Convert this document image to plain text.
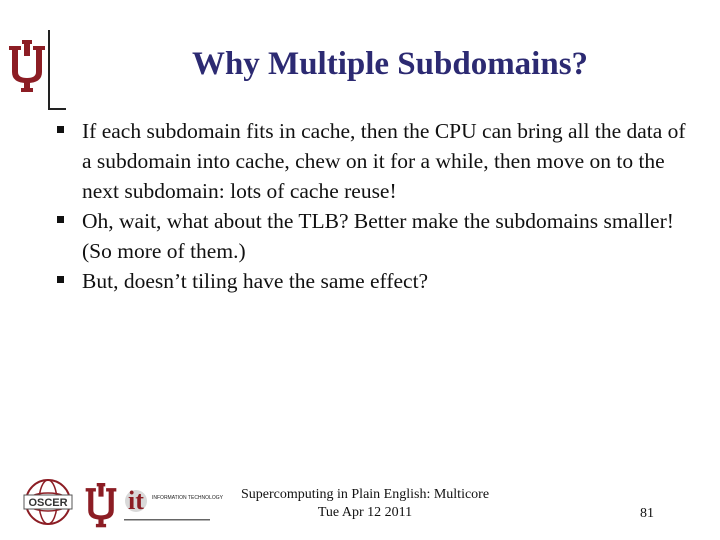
Why Multiple Subdomains?
If each subdomain fits in cache, then the CPU can bring all the data of a subdomain into cache, chew on it for a while, then move on to the next subdomain: lots of cache reuse!
Oh, wait, what about the TLB? Better make the subdomains smaller! (So more of them.)
But, doesn’t tiling have the same effect?
OSCER it INFORMATION TECHNOLOGY	Supercomputing in Plain English: Multicore
Tue Apr 12 2011	81
